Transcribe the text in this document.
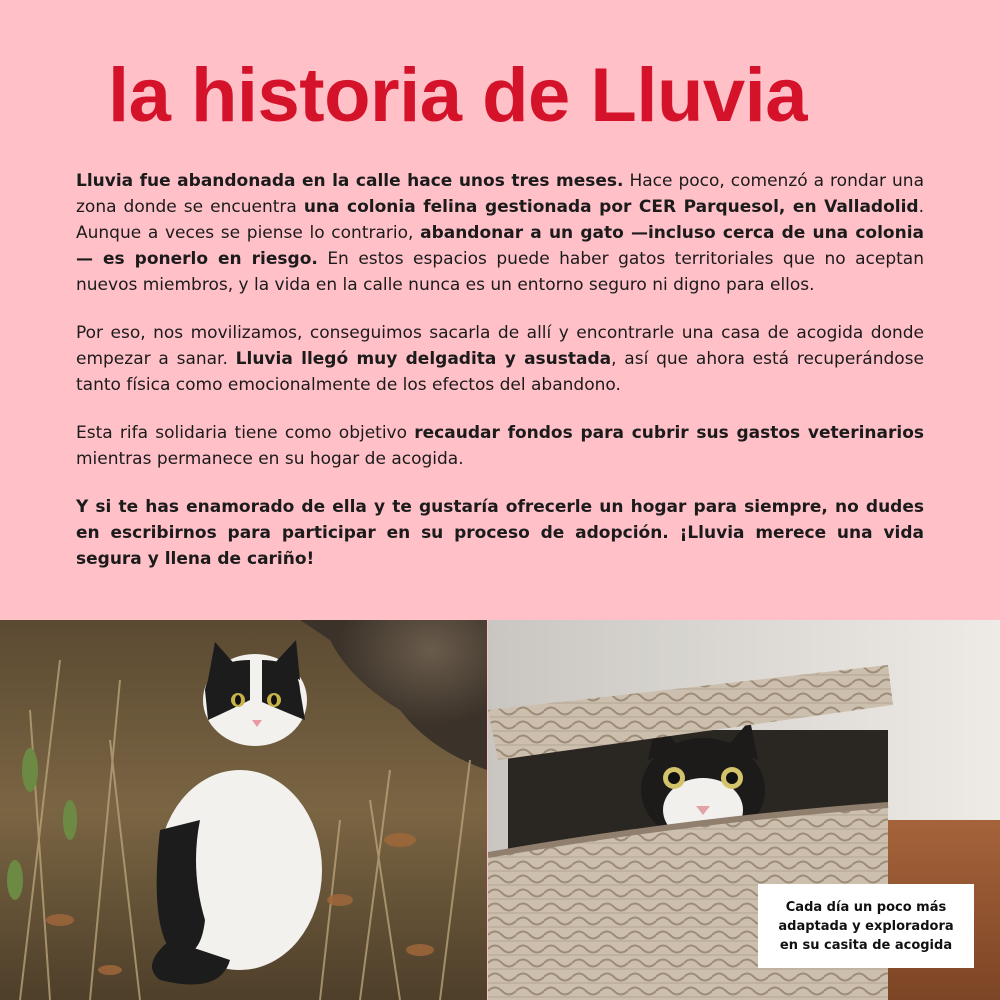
la historia de Lluvia

Lluvia fue abandonada en la calle hace unos tres meses. Hace poco, comenzó a rondar una zona donde se encuentra una colonia felina gestionada por CER Parquesol, en Valladolid. Aunque a veces se piense lo contrario, abandonar a un gato —incluso cerca de una colonia — es ponerlo en riesgo. En estos espacios puede haber gatos territoriales que no aceptan nuevos miembros, y la vida en la calle nunca es un entorno seguro ni digno para ellos.

Por eso, nos movilizamos, conseguimos sacarla de allí y encontrarle una casa de acogida donde empezar a sanar. Lluvia llegó muy delgadita y asustada, así que ahora está recuperándose tanto física como emocionalmente de los efectos del abandono.

Esta rifa solidaria tiene como objetivo recaudar fondos para cubrir sus gastos veterinarios mientras permanece en su hogar de acogida.

Y si te has enamorado de ella y te gustaría ofrecerle un hogar para siempre, no dudes en escribirnos para participar en su proceso de adopción. ¡Lluvia merece una vida segura y llena de cariño!

Cada día un poco más adaptada y exploradora en su casita de acogida
